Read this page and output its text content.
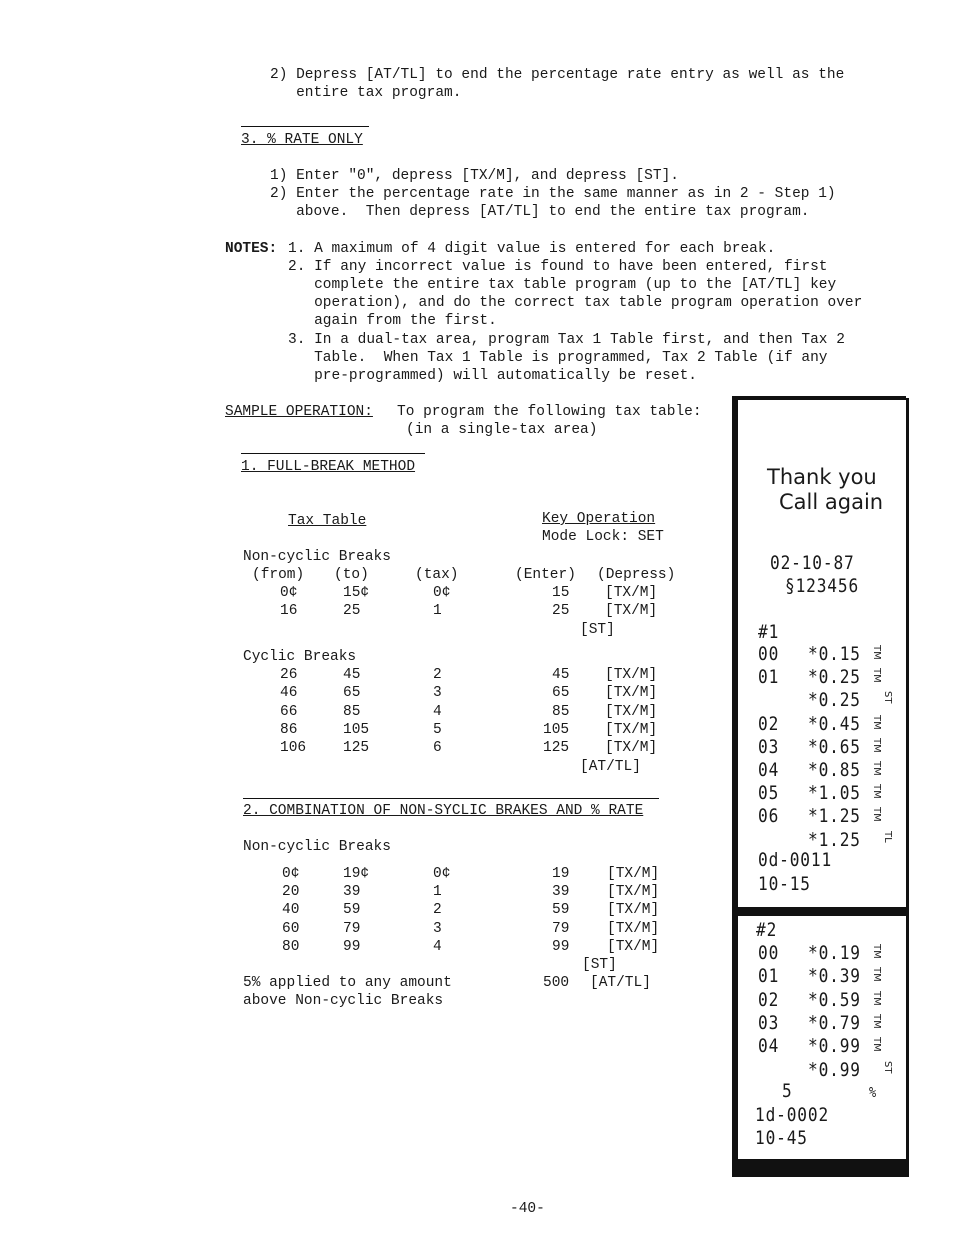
2) Depress [AT/TL] to end the percentage rate entry as well as the
entire tax program.
3. % RATE ONLY
1) Enter "0", depress [TX/M], and depress [ST].
2) Enter the percentage rate in the same manner as in 2 - Step 1)
above.  Then depress [AT/TL] to end the entire tax program.
NOTES: 1. A maximum of 4 digit value is entered for each break.
2. If any incorrect value is found to have been entered, first
complete the entire tax table program (up to the [AT/TL] key
operation), and do the correct tax table program operation over
again from the first.
3. In a dual-tax area, program Tax 1 Table first, and then Tax 2
Table.  When Tax 1 Table is programmed, Tax 2 Table (if any
pre-programmed) will automatically be reset.
SAMPLE OPERATION: To program the following tax table:
(in a single-tax area)
1. FULL-BREAK METHOD
Tax Table	Key Operation
Mode Lock: SET
Non-cyclic Breaks
(from) (to)	(tax)	(Enter) (Depress)
0¢	15¢	0¢	15 [TX/M]
16	25	1	25 [TX/M]
[ST]
Cyclic Breaks
26	45	2	45 [TX/M]
46	65	3	65 [TX/M]
66	85	4	85 [TX/M]
86	105	5	105 [TX/M]
106	125	6	125 [TX/M]
[AT/TL]
2. COMBINATION OF NON-SYCLIC BRAKES AND % RATE
Non-cyclic Breaks
0¢	19¢	0¢	19	[TX/M]
20	39	1	39	[TX/M]
40	59	2	59	[TX/M]
60	79	3	79	[TX/M]
80	99	4	99	[TX/M]
[ST]
5% applied to any amount
above Non-cyclic Breaks
500 [AT/TL]
Thank you
Call again
02-10-87
§123456
#1
00 *0.15 TM
01 *0.25 TM
*0.25 ST
02 *0.45 TM
03 *0.65 TM
04 *0.85 TM
05 *1.05 TM
06 *1.25 TM
*1.25 TL
0d-0011
10-15
#2
00 *0.19 TM
01 *0.39 TM
02 *0.59 TM
03 *0.79 TM
04 *0.99 TM
*0.99 ST
5	%
1d-0002
10-45
-40-
